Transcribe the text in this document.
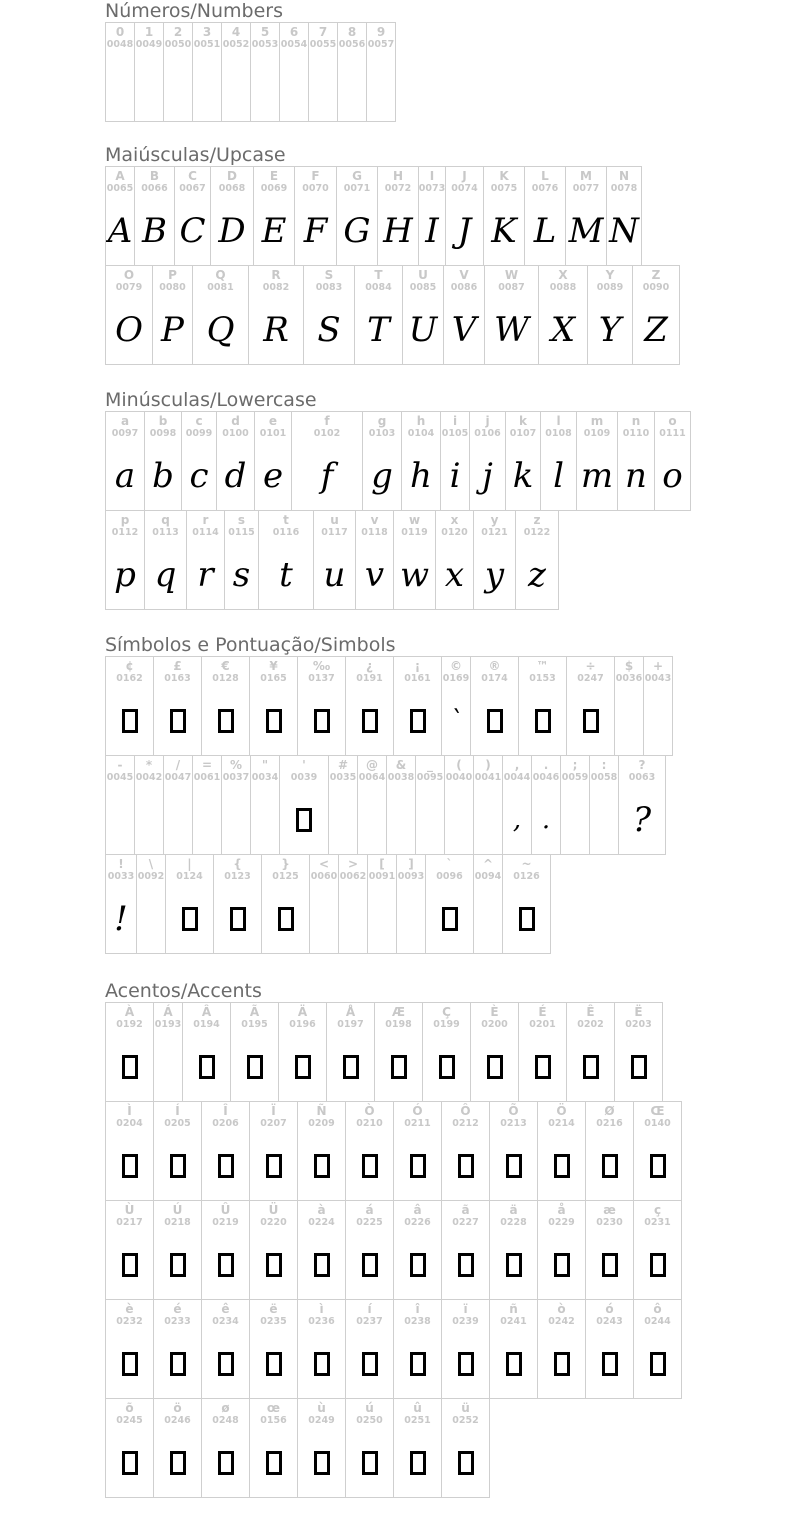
Números/Numbers
0
0048
1
0049
2
0050
3
0051
4
0052
5
0053
6
0054
7
0055
8
0056
9
0057
Maiúsculas/Upcase
A
0065
A
B
0066
B
C
0067
C
D
0068
D
E
0069
E
F
0070
F
G
0071
G
H
0072
H
I
0073
I
J
0074
J
K
0075
K
L
0076
L
M
0077
M
N
0078
N
O
0079
O
P
0080
P
Q
0081
Q
R
0082
R
S
0083
S
T
0084
T
U
0085
U
V
0086
V
W
0087
W
X
0088
X
Y
0089
Y
Z
0090
Z
Minúsculas/Lowercase
a
0097
a
b
0098
b
c
0099
c
d
0100
d
e
0101
e
f
0102
f
g
0103
g
h
0104
h
i
0105
i
j
0106
j
k
0107
k
l
0108
l
m
0109
m
n
0110
n
o
0111
o
p
0112
p
q
0113
q
r
0114
r
s
0115
s
t
0116
t
u
0117
u
v
0118
v
w
0119
w
x
0120
x
y
0121
y
z
0122
z
Símbolos e Pontuação/Simbols
¢
0162
£
0163
€
0128
¥
0165
‰
0137
¿
0191
¡
0161
©
0169
ˋ
®
0174
™
0153
÷
0247
$
0036
+
0043
-
0045
*
0042
/
0047
=
0061
%
0037
"
0034
'
0039
#
0035
@
0064
&
0038
_
0095
(
0040
)
0041
,
0044
,
.
0046
.
;
0059
:
0058
?
0063
?
!
0033
!
\
0092
|
0124
{
0123
}
0125
<
0060
>
0062
[
0091
]
0093
`
0096
^
0094
~
0126
Acentos/Accents
À
0192
Á
0193
Â
0194
Ã
0195
Ä
0196
Å
0197
Æ
0198
Ç
0199
È
0200
É
0201
Ê
0202
Ë
0203
Ì
0204
Í
0205
Î
0206
Ï
0207
Ñ
0209
Ò
0210
Ó
0211
Ô
0212
Õ
0213
Ö
0214
Ø
0216
Œ
0140
Ù
0217
Ú
0218
Û
0219
Ü
0220
à
0224
á
0225
â
0226
ã
0227
ä
0228
å
0229
æ
0230
ç
0231
è
0232
é
0233
ê
0234
ë
0235
ì
0236
í
0237
î
0238
ï
0239
ñ
0241
ò
0242
ó
0243
ô
0244
õ
0245
ö
0246
ø
0248
œ
0156
ù
0249
ú
0250
û
0251
ü
0252
